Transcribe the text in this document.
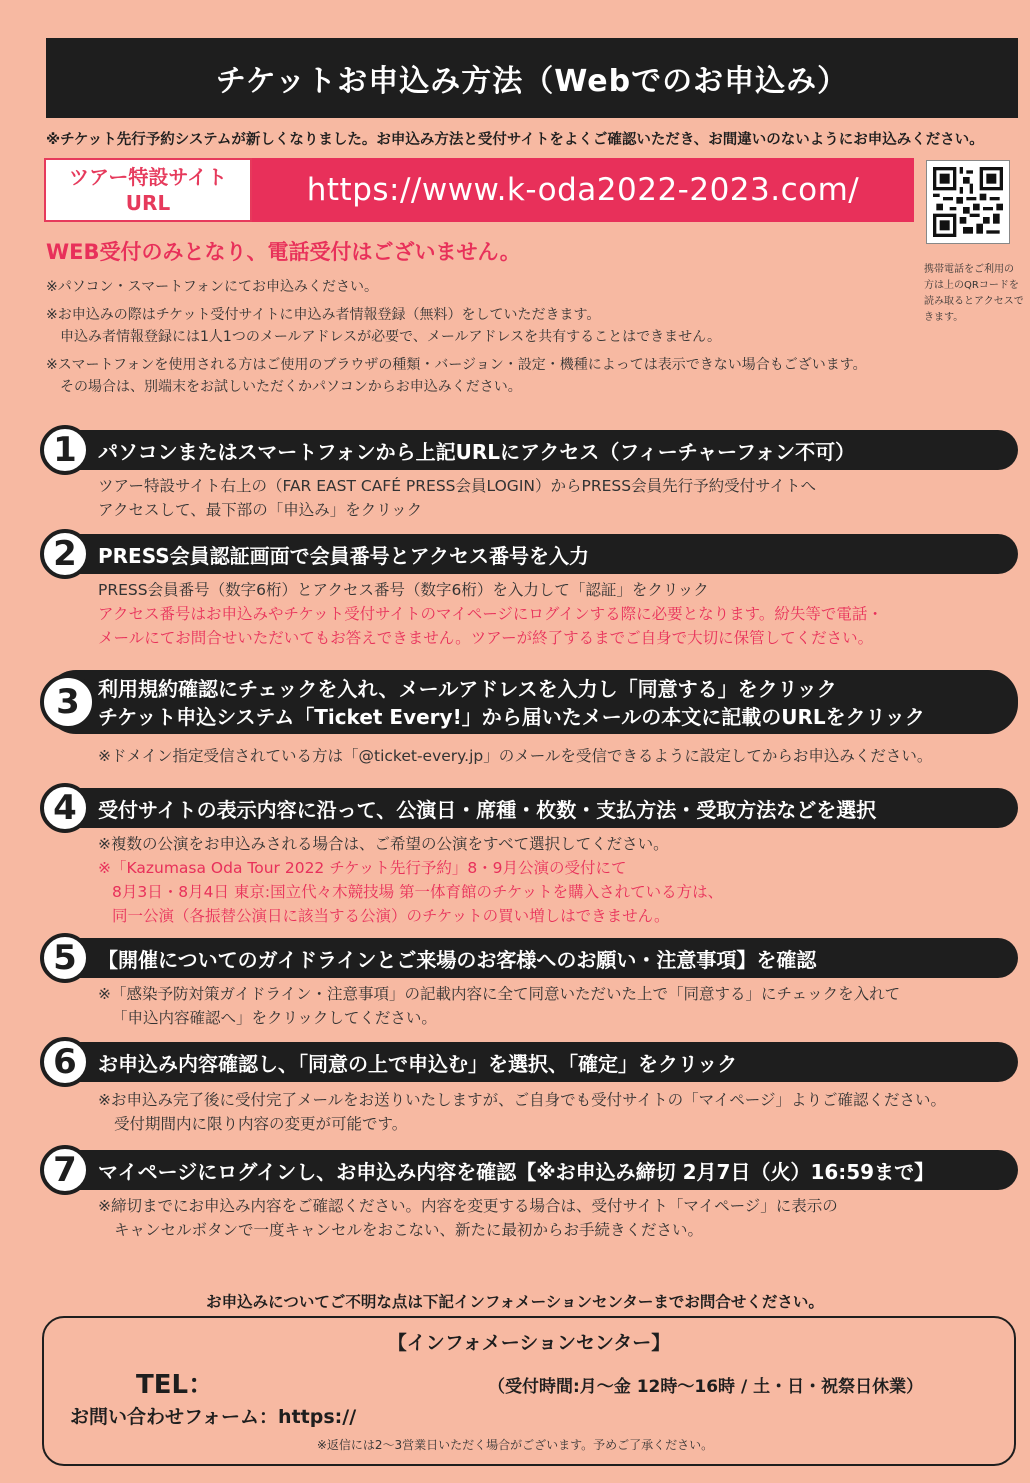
チケットお申込み方法（Webでのお申込み）
※チケット先行予約システムが新しくなりました。お申込み方法と受付サイトをよくご確認いただき、お間違いのないようにお申込みください。
ツアー特設サイト
URL	https://www.k-oda2022-2023.com/
携帯電話をご利用の
方は上のQRコードを
読み取るとアクセスで
きます。
WEB受付のみとなり、電話受付はございません。
※パソコン・スマートフォンにてお申込みください。
※お申込みの際はチケット受付サイトに申込み者情報登録（無料）をしていただきます。
申込み者情報登録には1人1つのメールアドレスが必要で、メールアドレスを共有することはできません。
※スマートフォンを使用される方はご使用のブラウザの種類・バージョン・設定・機種によっては表示できない場合もございます。
その場合は、別端末をお試しいただくかパソコンからお申込みください。
1	パソコンまたはスマートフォンから上記URLにアクセス（フィーチャーフォン不可）
ツアー特設サイト右上の（FAR EAST CAFÉ PRESS会員LOGIN）からPRESS会員先行予約受付サイトへ
アクセスして、最下部の「申込み」をクリック
2	PRESS会員認証画面で会員番号とアクセス番号を入力
PRESS会員番号（数字6桁）とアクセス番号（数字6桁）を入力して「認証」をクリック
アクセス番号はお申込みやチケット受付サイトのマイページにログインする際に必要となります。紛失等で電話・
メールにてお問合せいただいてもお答えできません。ツアーが終了するまでご自身で大切に保管してください。
3 利用規約確認にチェックを入れ、メールアドレスを入力し「同意する」をクリック
チケット申込システム「Ticket Every!」から届いたメールの本文に記載のURLをクリック
※ドメイン指定受信されている方は「@ticket-every.jp」のメールを受信できるように設定してからお申込みください。
4	受付サイトの表示内容に沿って、公演日・席種・枚数・支払方法・受取方法などを選択
※複数の公演をお申込みされる場合は、ご希望の公演をすべて選択してください。
※「Kazumasa Oda Tour 2022 チケット先行予約」8・9月公演の受付にて
8月3日・8月4日 東京:国立代々木競技場 第一体育館のチケットを購入されている方は、
同一公演（各振替公演日に該当する公演）のチケットの買い増しはできません。
5	【開催についてのガイドラインとご来場のお客様へのお願い・注意事項】を確認
※「感染予防対策ガイドライン・注意事項」の記載内容に全て同意いただいた上で「同意する」にチェックを入れて
「申込内容確認へ」をクリックしてください。
6	お申込み内容確認し、「同意の上で申込む」を選択、「確定」をクリック
※お申込み完了後に受付完了メールをお送りいたしますが、ご自身でも受付サイトの「マイページ」よりご確認ください。
受付期間内に限り内容の変更が可能です。
7	マイページにログインし、お申込み内容を確認【※お申込み締切 2月7日（火）16:59まで】
※締切までにお申込み内容をご確認ください。内容を変更する場合は、受付サイト「マイページ」に表示の
キャンセルボタンで一度キャンセルをおこない、新たに最初からお手続きください。
お申込みについてご不明な点は下記インフォメーションセンターまでお問合せください。
【インフォメーションセンター】
TEL：	（受付時間:月～金 12時～16時 / 土・日・祝祭日休業）
お問い合わせフォーム：https://
※返信には2～3営業日いただく場合がございます。予めご了承ください。
